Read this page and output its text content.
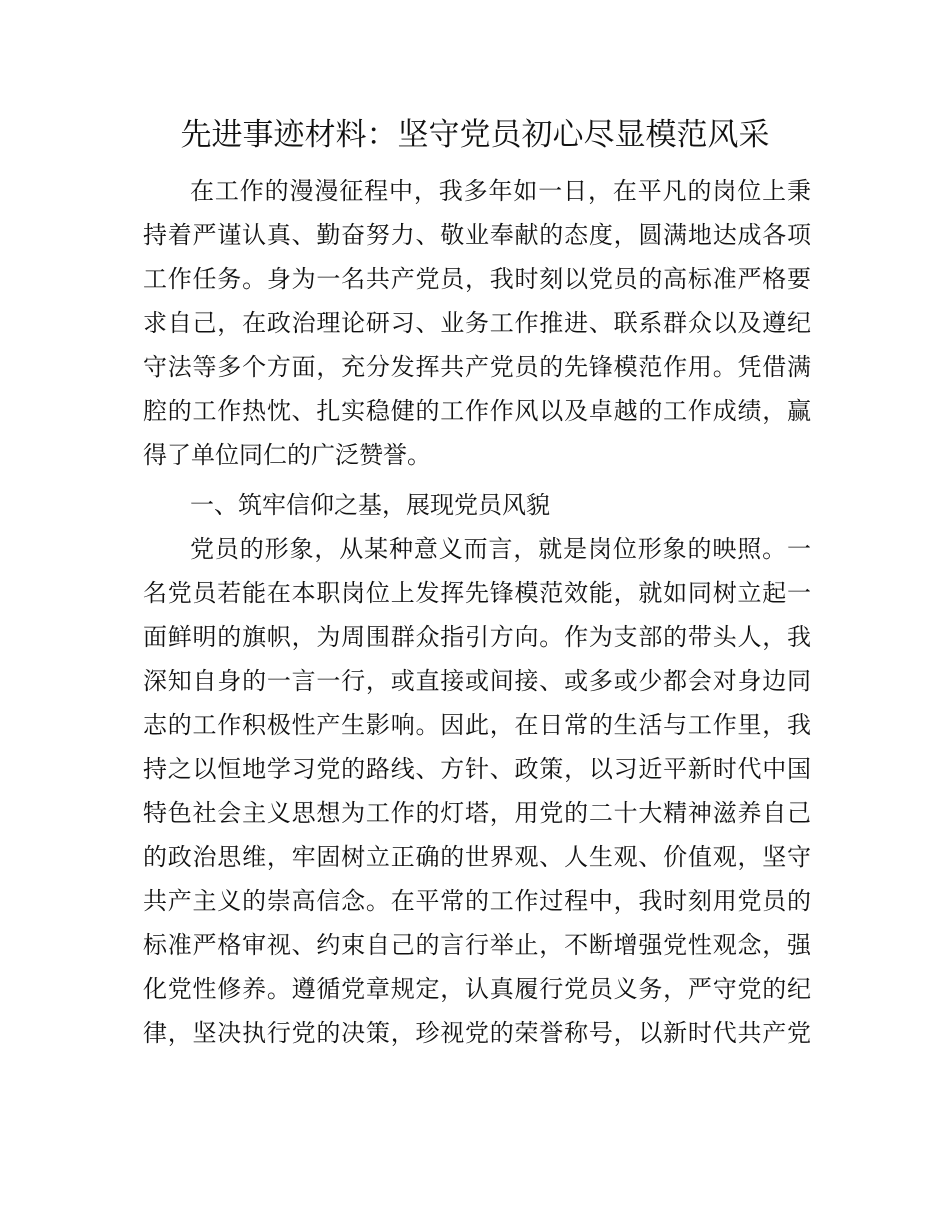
先进事迹材料：坚守党员初心尽显模范风采
在工作的漫漫征程中，我多年如一日，在平凡的岗位上秉
持着严谨认真、勤奋努力、敬业奉献的态度，圆满地达成各项
工作任务。身为一名共产党员，我时刻以党员的高标准严格要
求自己，在政治理论研习、业务工作推进、联系群众以及遵纪
守法等多个方面，充分发挥共产党员的先锋模范作用。凭借满
腔的工作热忱、扎实稳健的工作作风以及卓越的工作成绩，赢
得了单位同仁的广泛赞誉。
一、筑牢信仰之基，展现党员风貌
党员的形象，从某种意义而言，就是岗位形象的映照。一
名党员若能在本职岗位上发挥先锋模范效能，就如同树立起一
面鲜明的旗帜，为周围群众指引方向。作为支部的带头人，我
深知自身的一言一行，或直接或间接、或多或少都会对身边同
志的工作积极性产生影响。因此，在日常的生活与工作里，我
持之以恒地学习党的路线、方针、政策，以习近平新时代中国
特色社会主义思想为工作的灯塔，用党的二十大精神滋养自己
的政治思维，牢固树立正确的世界观、人生观、价值观，坚守
共产主义的崇高信念。在平常的工作过程中，我时刻用党员的
标准严格审视、约束自己的言行举止，不断增强党性观念，强
化党性修养。遵循党章规定，认真履行党员义务，严守党的纪
律，坚决执行党的决策，珍视党的荣誉称号，以新时代共产党
